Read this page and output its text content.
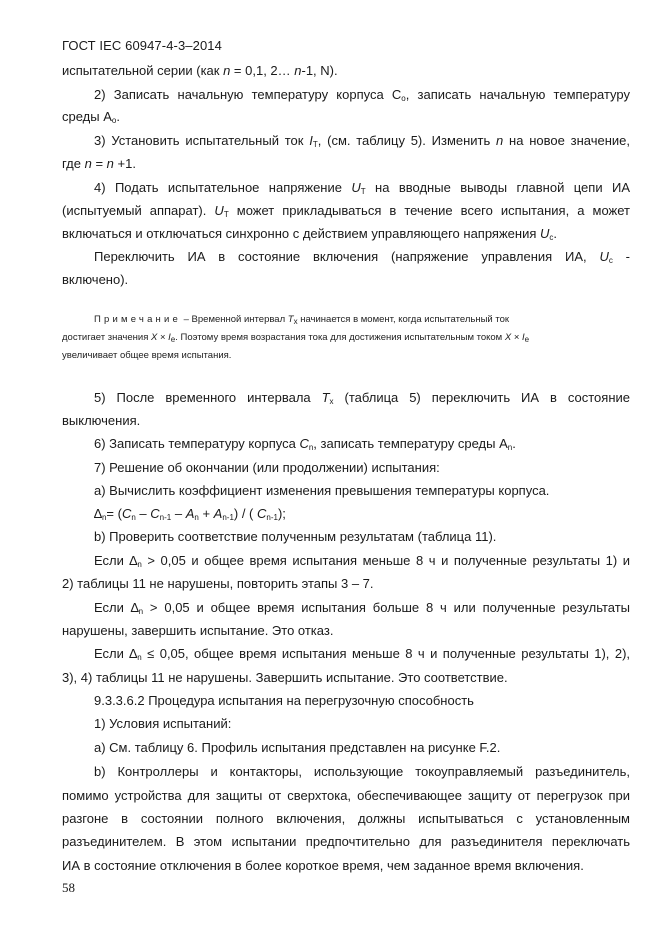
ГОСТ IEC 60947-4-3–2014
испытательной серии (как n = 0,1, 2… n-1, N).
2) Записать начальную температуру корпуса $C_o$, записать начальную температуру
среды $A_o$.
3) Установить испытательный ток $I_T$, (см. таблицу 5). Изменить n на новое значение,
где n = n +1.
4) Подать испытательное напряжение $U_T$ на вводные выводы главной цепи ИА
(испытуемый аппарат). $U_T$ может прикладываться в течение всего испытания, а может
включаться и отключаться синхронно с действием управляющего напряжения $U_c$.
Переключить ИА в состояние включения (напряжение управления ИА, $U_c$ -
включено).
Примечание – Временной интервал $T_x$ начинается в момент, когда испытательный ток
достигает значения $X \times I_e$. Поэтому время возрастания тока для достижения испытательным током $X \times I_e$
увеличивает общее время испытания.
5) После временного интервала $T_x$ (таблица 5) переключить ИА в состояние
выключения.
6) Записать температуру корпуса $C_n$, записать температуру среды $A_n$.
7) Решение об окончании (или продолжении) испытания:
a) Вычислить коэффициент изменения превышения температуры корпуса.
$\Delta_n= (C_n - C_{n-1} - A_n + A_{n-1})$ / ( $C_{n-1}$);
b) Проверить соответствие полученным результатам (таблица 11).
Если $\Delta_n > 0,05$ и общее время испытания меньше 8 ч и полученные результаты 1) и
2) таблицы 11 не нарушены, повторить этапы 3 – 7.
Если $\Delta_n > 0,05$ и общее время испытания больше 8 ч или полученные результаты
нарушены, завершить испытание. Это отказ.
Если $\Delta_n \le 0,05$, общее время испытания меньше 8 ч и полученные результаты 1), 2),
3), 4) таблицы 11 не нарушены. Завершить испытание. Это соответствие.
9.3.3.6.2 Процедура испытания на перегрузочную способность
1) Условия испытаний:
a) См. таблицу 6. Профиль испытания представлен на рисунке F.2.
b) Контроллеры и контакторы, использующие токоуправляемый разъединитель,
помимо устройства для защиты от сверхтока, обеспечивающее защиту от перегрузок при
разгоне в состоянии полного включения, должны испытываться с установленным
разъединителем. В этом испытании предпочтительно для разъединителя переключать
ИА в состояние отключения в более короткое время, чем заданное время включения.
58
